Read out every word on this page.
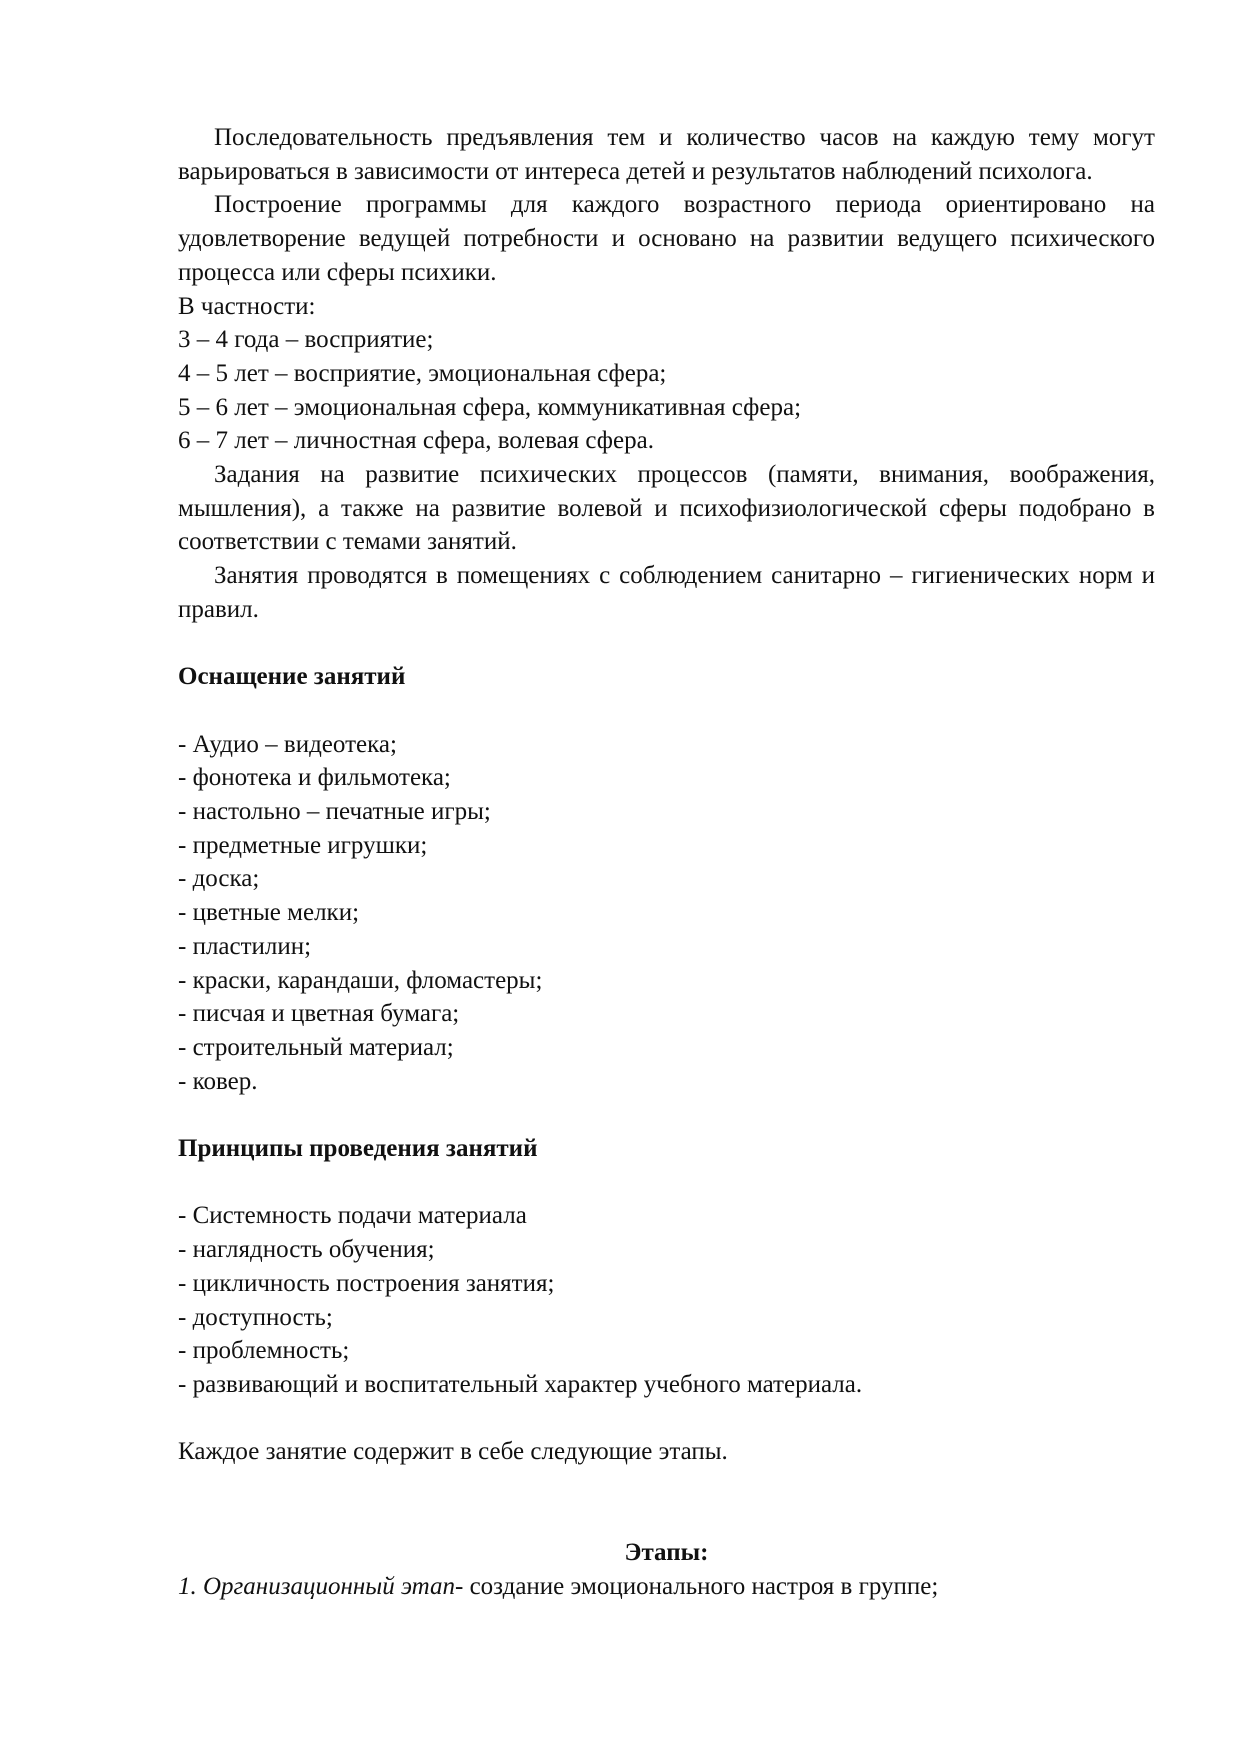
Последовательность предъявления тем и количество часов на каждую тему могут варьироваться в зависимости от интереса детей и результатов наблюдений психолога.

Построение программы для каждого возрастного периода ориентировано на удовлетворение ведущей потребности и основано на развитии ведущего психического процесса или сферы психики.

В частности:

3 – 4 года – восприятие;

4 – 5 лет – восприятие, эмоциональная сфера;

5 – 6 лет – эмоциональная сфера, коммуникативная сфера;

6 – 7 лет – личностная сфера, волевая сфера.

Задания на развитие психических процессов (памяти, внимания, воображения, мышления), а также на развитие волевой и психофизиологической сферы подобрано в соответствии с темами занятий.

Занятия проводятся в помещениях с соблюдением санитарно – гигиенических норм и правил.

Оснащение занятий

- Аудио – видеотека;
- фонотека и фильмотека;
- настольно – печатные игры;
- предметные игрушки;
- доска;
- цветные мелки;
- пластилин;
- краски, карандаши, фломастеры;
- писчая и цветная бумага;
- строительный материал;
- ковер.

Принципы проведения занятий

- Системность подачи материала
- наглядность обучения;
- цикличность построения занятия;
- доступность;
- проблемность;
- развивающий и воспитательный характер учебного материала.

Каждое занятие содержит в себе следующие этапы.

Этапы:

1. Организационный этап- создание эмоционального настроя в группе;
